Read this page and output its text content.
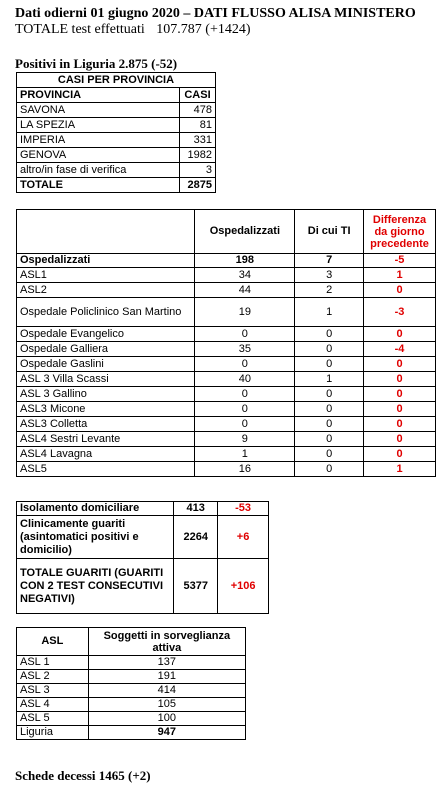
Dati odierni 01 giugno 2020 – DATI FLUSSO ALISA MINISTERO
TOTALE test effettuati 107.787 (+1424)
Positivi in Liguria 2.875 (-52)
CASI PER PROVINCIA	
PROVINCIA	CASI
SAVONA	478
LA SPEZIA	81
IMPERIA	331
GENOVA	1982
altro/in fase di verifica	3
TOTALE	2875
	Ospedalizzati	Di cui TI	Differenza da giorno precedente
Ospedalizzati	198	7	-5
ASL1	34	3	1
ASL2	44	2	0
Ospedale Policlinico San Martino	19	1	-3
Ospedale Evangelico	0	0	0
Ospedale Galliera	35	0	-4
Ospedale Gaslini	0	0	0
ASL 3 Villa Scassi	40	1	0
ASL 3 Gallino	0	0	0
ASL3 Micone	0	0	0
ASL3 Colletta	0	0	0
ASL4 Sestri Levante	9	0	0
ASL4 Lavagna	1	0	0
ASL5	16	0	1
Isolamento domiciliare	413	-53
Clinicamente guariti (asintomatici positivi e domicilio)	2264	+6
TOTALE GUARITI (GUARITI CON 2 TEST CONSECUTIVI NEGATIVI)	5377	+106
ASL	Soggetti in sorveglianza attiva
ASL 1	137
ASL 2	191
ASL 3	414
ASL 4	105
ASL 5	100
Liguria	947
Schede decessi 1465 (+2)
